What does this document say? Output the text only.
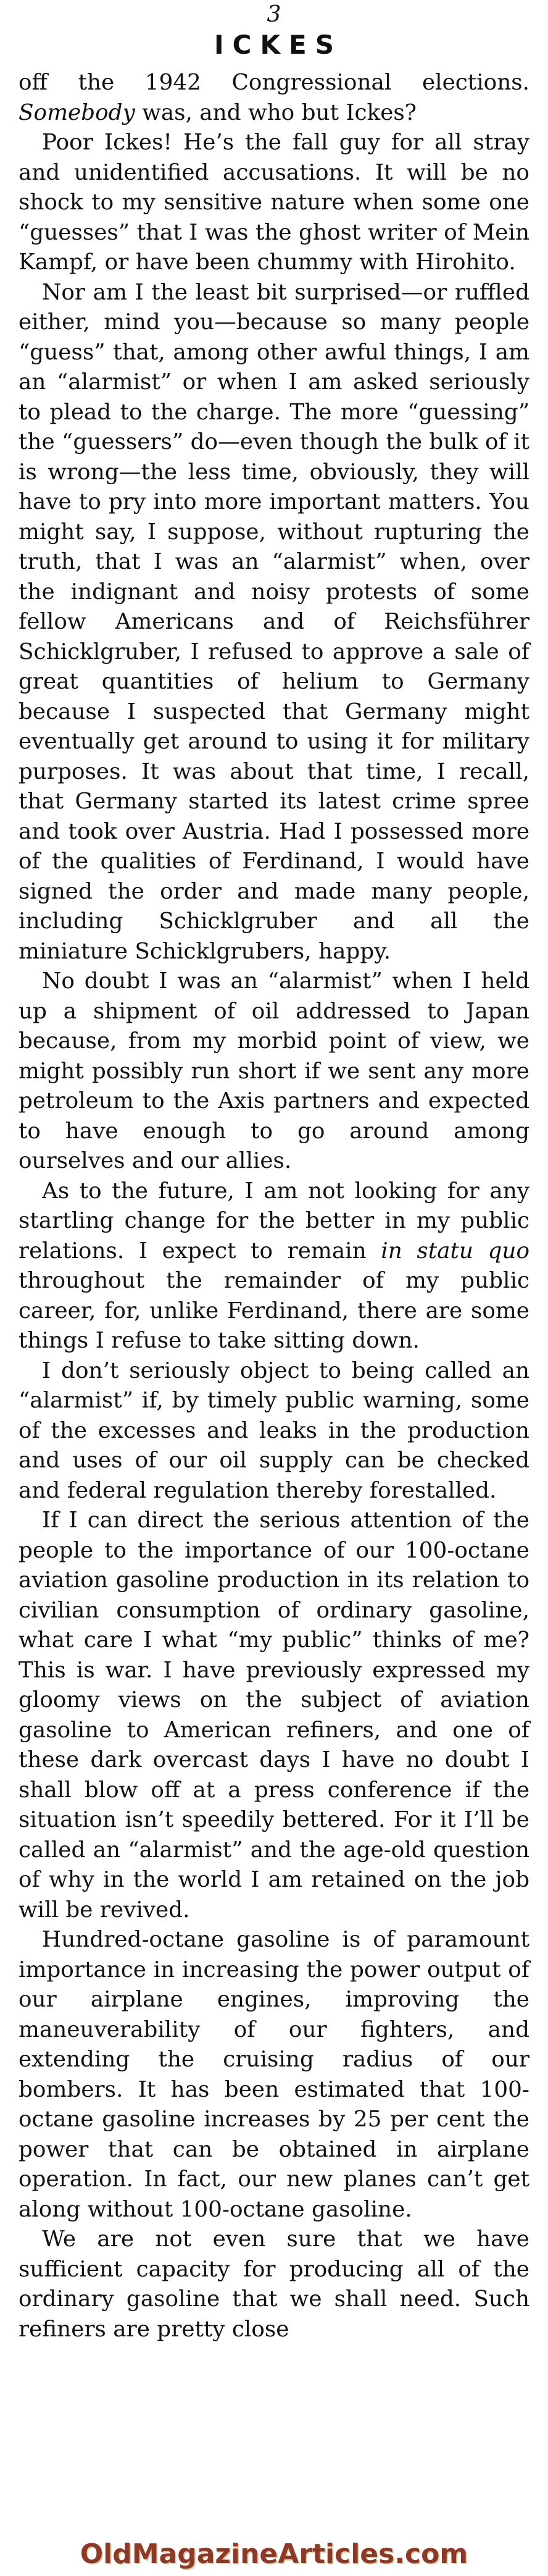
3
ICKES

off the 1942 Congressional elections. Somebody was, and who but Ickes?

Poor Ickes! He’s the fall guy for all stray and unidentified accusations. It will be no shock to my sensitive nature when some one “guesses” that I was the ghost writer of Mein Kampf, or have been chummy with Hirohito.

Nor am I the least bit surprised—or ruffled either, mind you—because so many people “guess” that, among other awful things, I am an “alarmist” or when I am asked seriously to plead to the charge. The more “guessing” the “guessers” do—even though the bulk of it is wrong—the less time, obviously, they will have to pry into more important matters. You might say, I suppose, without rupturing the truth, that I was an “alarmist” when, over the indignant and noisy protests of some fellow Americans and of Reichsführer Schicklgruber, I refused to approve a sale of great quantities of helium to Germany because I suspected that Germany might eventually get around to using it for military purposes. It was about that time, I recall, that Germany started its latest crime spree and took over Austria. Had I possessed more of the qualities of Ferdinand, I would have signed the order and made many people, including Schicklgruber and all the miniature Schicklgrubers, happy.

No doubt I was an “alarmist” when I held up a shipment of oil addressed to Japan because, from my morbid point of view, we might possibly run short if we sent any more petroleum to the Axis partners and expected to have enough to go around among ourselves and our allies.

As to the future, I am not looking for any startling change for the better in my public relations. I expect to remain in statu quo throughout the remainder of my public career, for, unlike Ferdinand, there are some things I refuse to take sitting down.

I don’t seriously object to being called an “alarmist” if, by timely public warning, some of the excesses and leaks in the production and uses of our oil supply can be checked and federal regulation thereby forestalled.

If I can direct the serious attention of the people to the importance of our 100-octane aviation gasoline production in its relation to civilian consumption of ordinary gasoline, what care I what “my public” thinks of me? This is war. I have previously expressed my gloomy views on the subject of aviation gasoline to American refiners, and one of these dark overcast days I have no doubt I shall blow off at a press conference if the situation isn’t speedily bettered. For it I’ll be called an “alarmist” and the age-old question of why in the world I am retained on the job will be revived.

Hundred-octane gasoline is of paramount importance in increasing the power output of our airplane engines, improving the maneuverability of our fighters, and extending the cruising radius of our bombers. It has been estimated that 100-octane gasoline increases by 25 per cent the power that can be obtained in airplane operation. In fact, our new planes can’t get along without 100-octane gasoline.

We are not even sure that we have sufficient capacity for producing all of the ordinary gasoline that we shall need. Such refiners are pretty close

OldMagazineArticles.com
